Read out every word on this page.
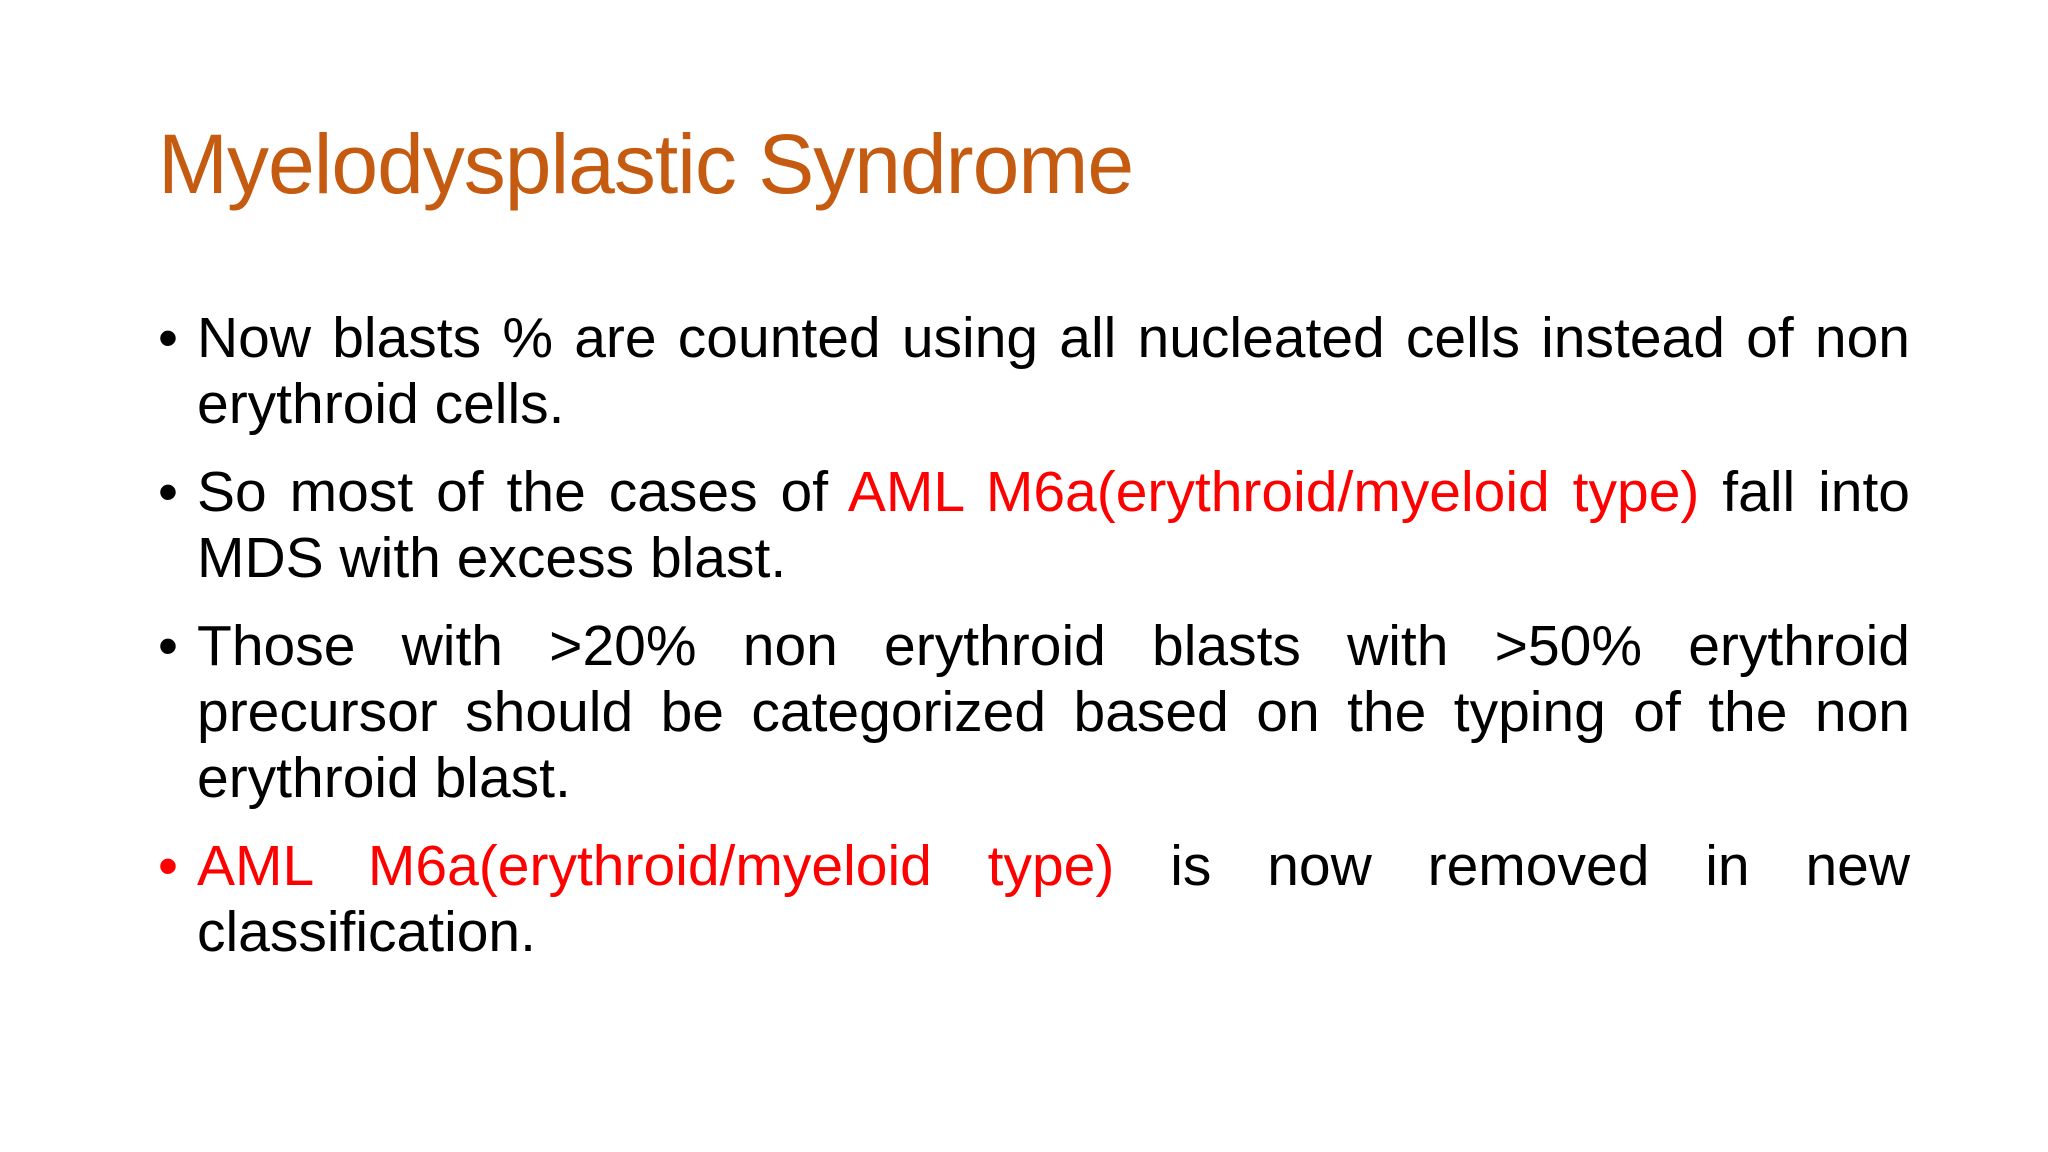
Myelodysplastic Syndrome
• Now blasts % are counted using all nucleated cells instead of non erythroid cells.
• So most of the cases of AML M6a(erythroid/myeloid type) fall into MDS with excess blast.
• Those with >20% non erythroid blasts with >50% erythroid precursor should be categorized based on the typing of the non erythroid blast.
• AML M6a(erythroid/myeloid type) is now removed in new classification.
